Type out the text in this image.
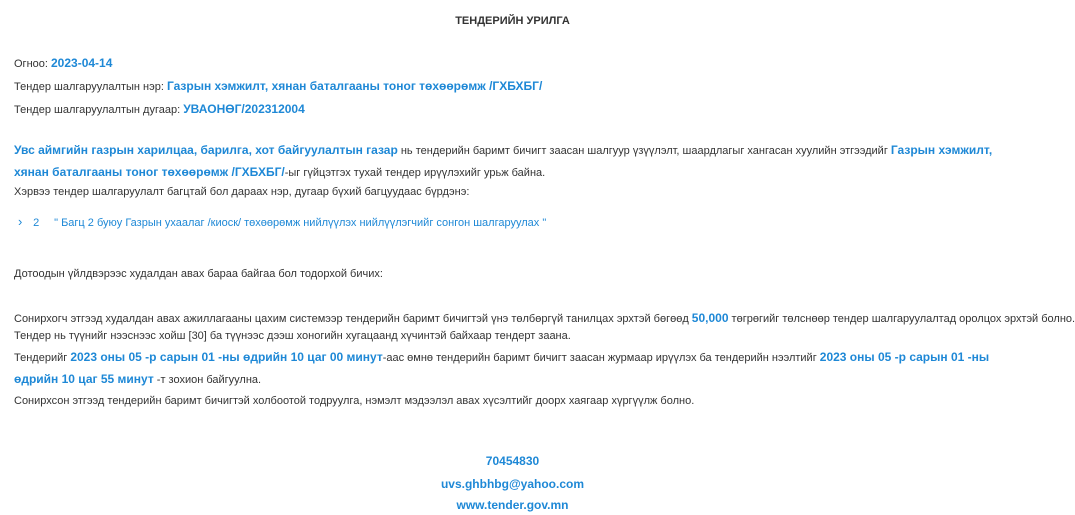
ТЕНДЕРИЙН УРИЛГА
Огноо: 2023-04-14
Тендер шалгаруулалтын нэр: Газрын хэмжилт, хянан баталгааны тоног төхөөрөмж /ГХБХБГ/
Тендер шалгаруулалтын дугаар: УВАОНӨГ/202312004
Увс аймгийн газрын харилцаа, барилга, хот байгуулалтын газар нь тендерийн баримт бичигт заасан шалгуур үзүүлэлт, шаардлагыг хангасан хуулийн этгээдийг Газрын хэмжилт, хянан баталгааны тоног төхөөрөмж /ГХБХБГ/-ыг гүйцэтгэх тухай тендер ирүүлэхийг урьж байна.
Хэрвээ тендер шалгаруулалт багцтай бол дараах нэр, дугаар бүхий багцуудаас бүрдэнэ:
› 2 " Багц 2 буюу Газрын ухаалаг /киоск/ төхөөрөмж нийлүүлэх нийлүүлэгчийг сонгон шалгаруулах "
Дотоодын үйлдвэрээс худалдан авах бараа байгаа бол тодорхой бичих:
Сонирхогч этгээд худалдан авах ажиллагааны цахим системээр тендерийн баримт бичигтэй үнэ төлбөргүй танилцах эрхтэй бөгөөд 50,000 төгрөгийг төлснөөр тендер шалгаруулалтад оролцох эрхтэй болно.
Тендер нь түүнийг нээснээс хойш [30] ба түүнээс дээш хоногийн хугацаанд хүчинтэй байхаар тендерт заана.
Тендерийг 2023 оны 05 -р сарын 01 -ны өдрийн 10 цаг 00 минут-аас өмнө тендерийн баримт бичигт заасан журмаар ирүүлэх ба тендерийн нээлтийг 2023 оны 05 -р сарын 01 -ны өдрийн 10 цаг 55 минут -т зохион байгуулна.
Сонирхсон этгээд тендерийн баримт бичигтэй холбоотой тодруулга, нэмэлт мэдээлэл авах хүсэлтийг доорх хаягаар хүргүүлж болно.
70454830
uvs.ghbhbg@yahoo.com
www.tender.gov.mn
